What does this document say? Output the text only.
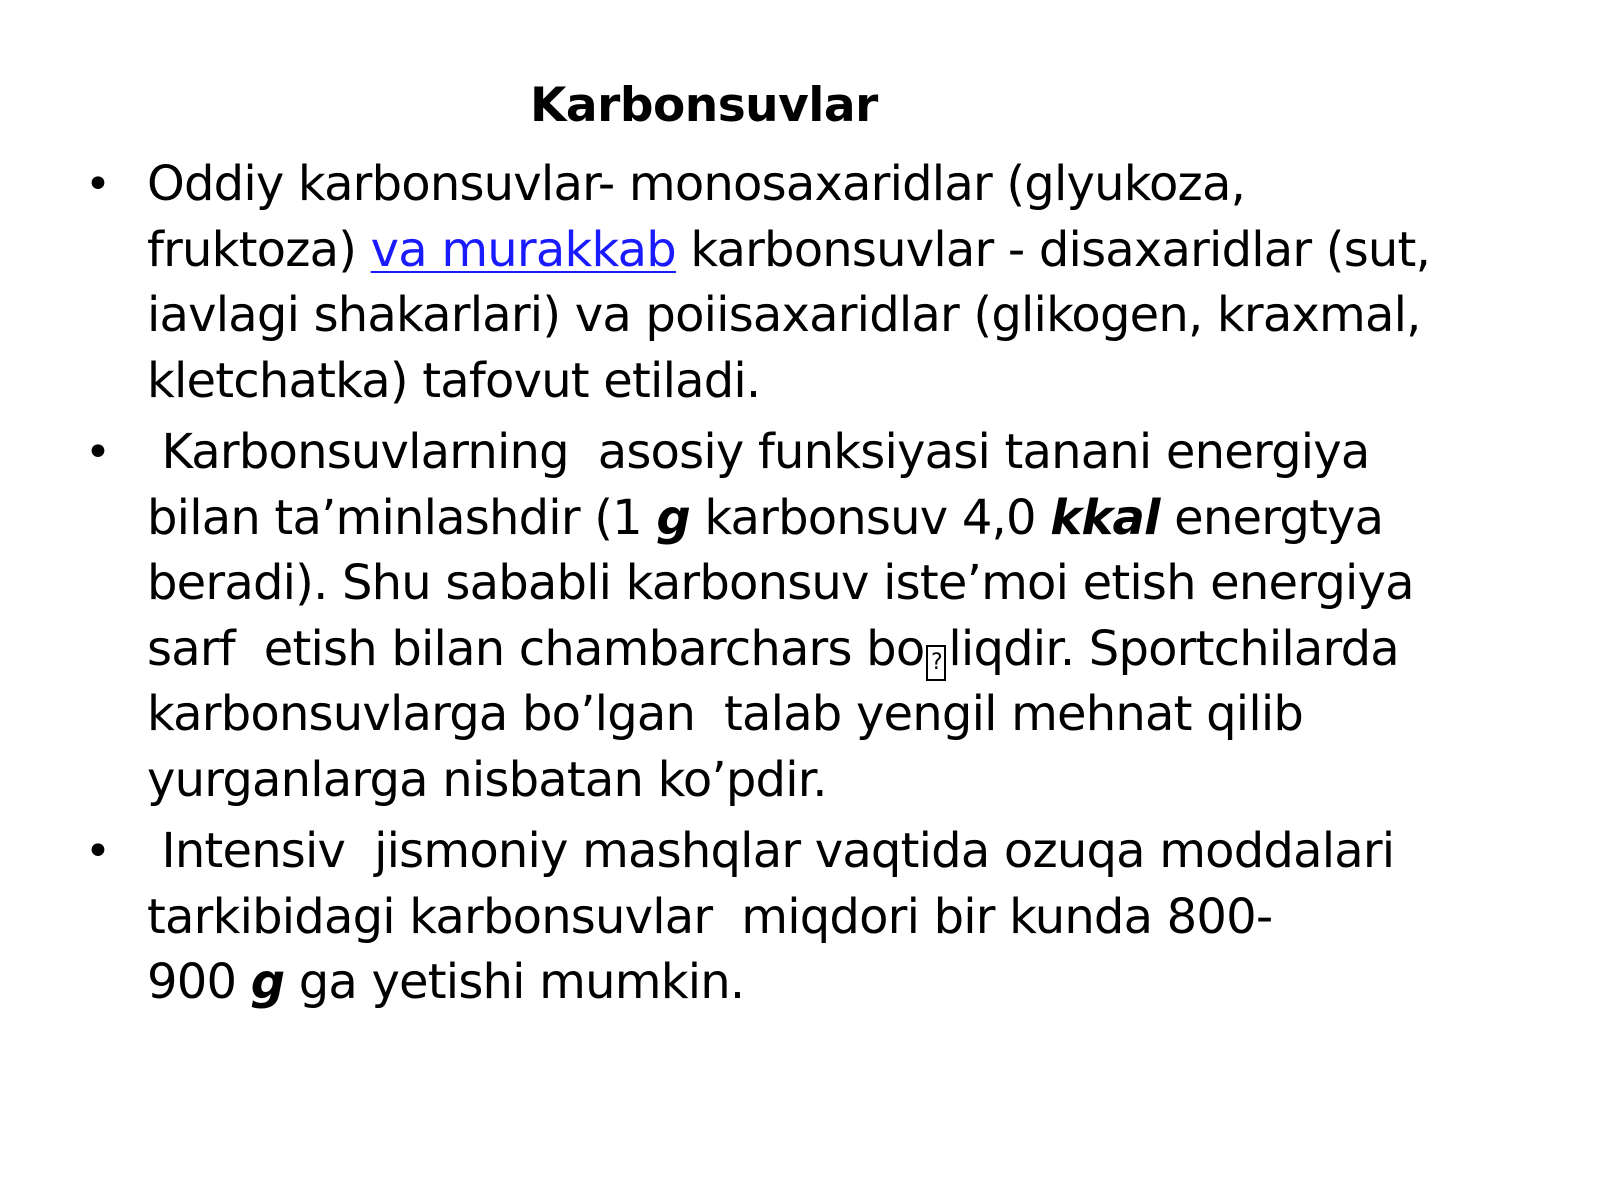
Karbonsuvlar
• Oddiy karbonsuvlar- monosaxaridlar (glyukoza,
fruktoza) va murakkab karbonsuvlar - disaxaridlar (sut,
iavlagi shakarlari) va poiisaxaridlar (glikogen, kraxmal,
kletchatka) tafovut etiladi.
• Karbonsuvlarning  asosiy funksiyasi tanani energiya
bilan ta’minlashdir (1 g karbonsuv 4,0 kkal energtya
beradi). Shu sababli karbonsuv iste’moi etish energiya
sarf  etish bilan chambarchars bo ? liqdir. Sportchilarda
karbonsuvlarga bo’lgan  talab yengil mehnat qilib
yurganlarga nisbatan ko’pdir.
• Intensiv  jismoniy mashqlar vaqtida ozuqa moddalari
tarkibidagi karbonsuvlar  miqdori bir kunda 800-
900 g ga yetishi mumkin.
